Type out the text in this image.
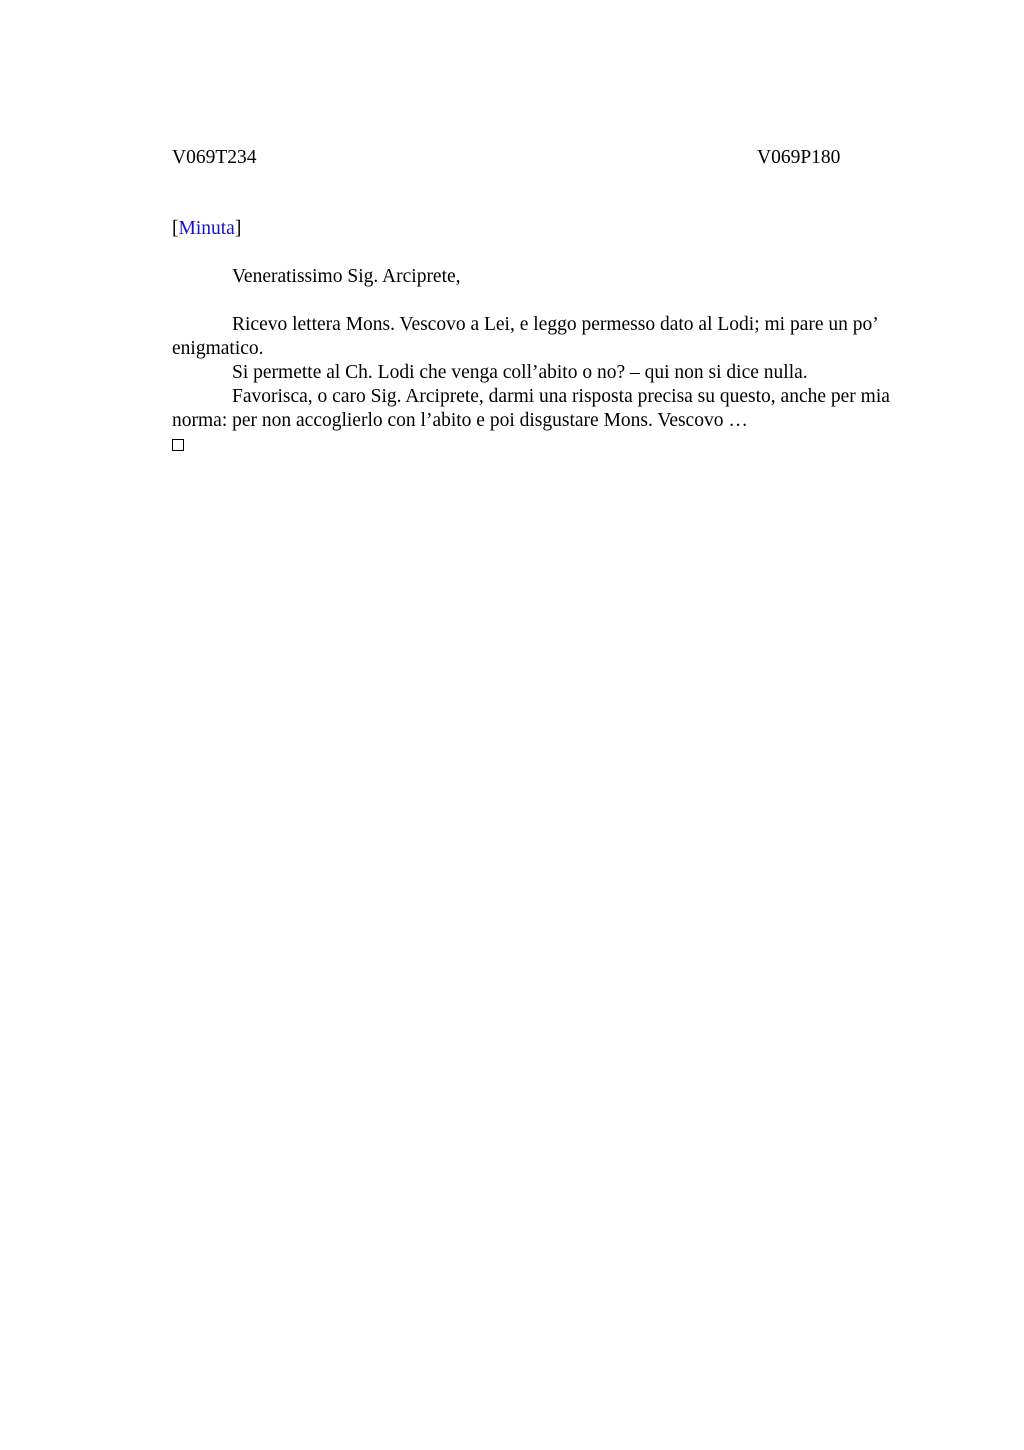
V069T234	V069P180
[Minuta]

Veneratissimo Sig. Arciprete,

Ricevo lettera Mons. Vescovo a Lei, e leggo permesso dato al Lodi; mi pare un po’ enigmatico.

Si permette al Ch. Lodi che venga coll’abito o no? – qui non si dice nulla.

Favorisca, o caro Sig. Arciprete, darmi una risposta precisa su questo, anche per mia norma: per non accoglierlo con l’abito e poi disgustare Mons. Vescovo …
